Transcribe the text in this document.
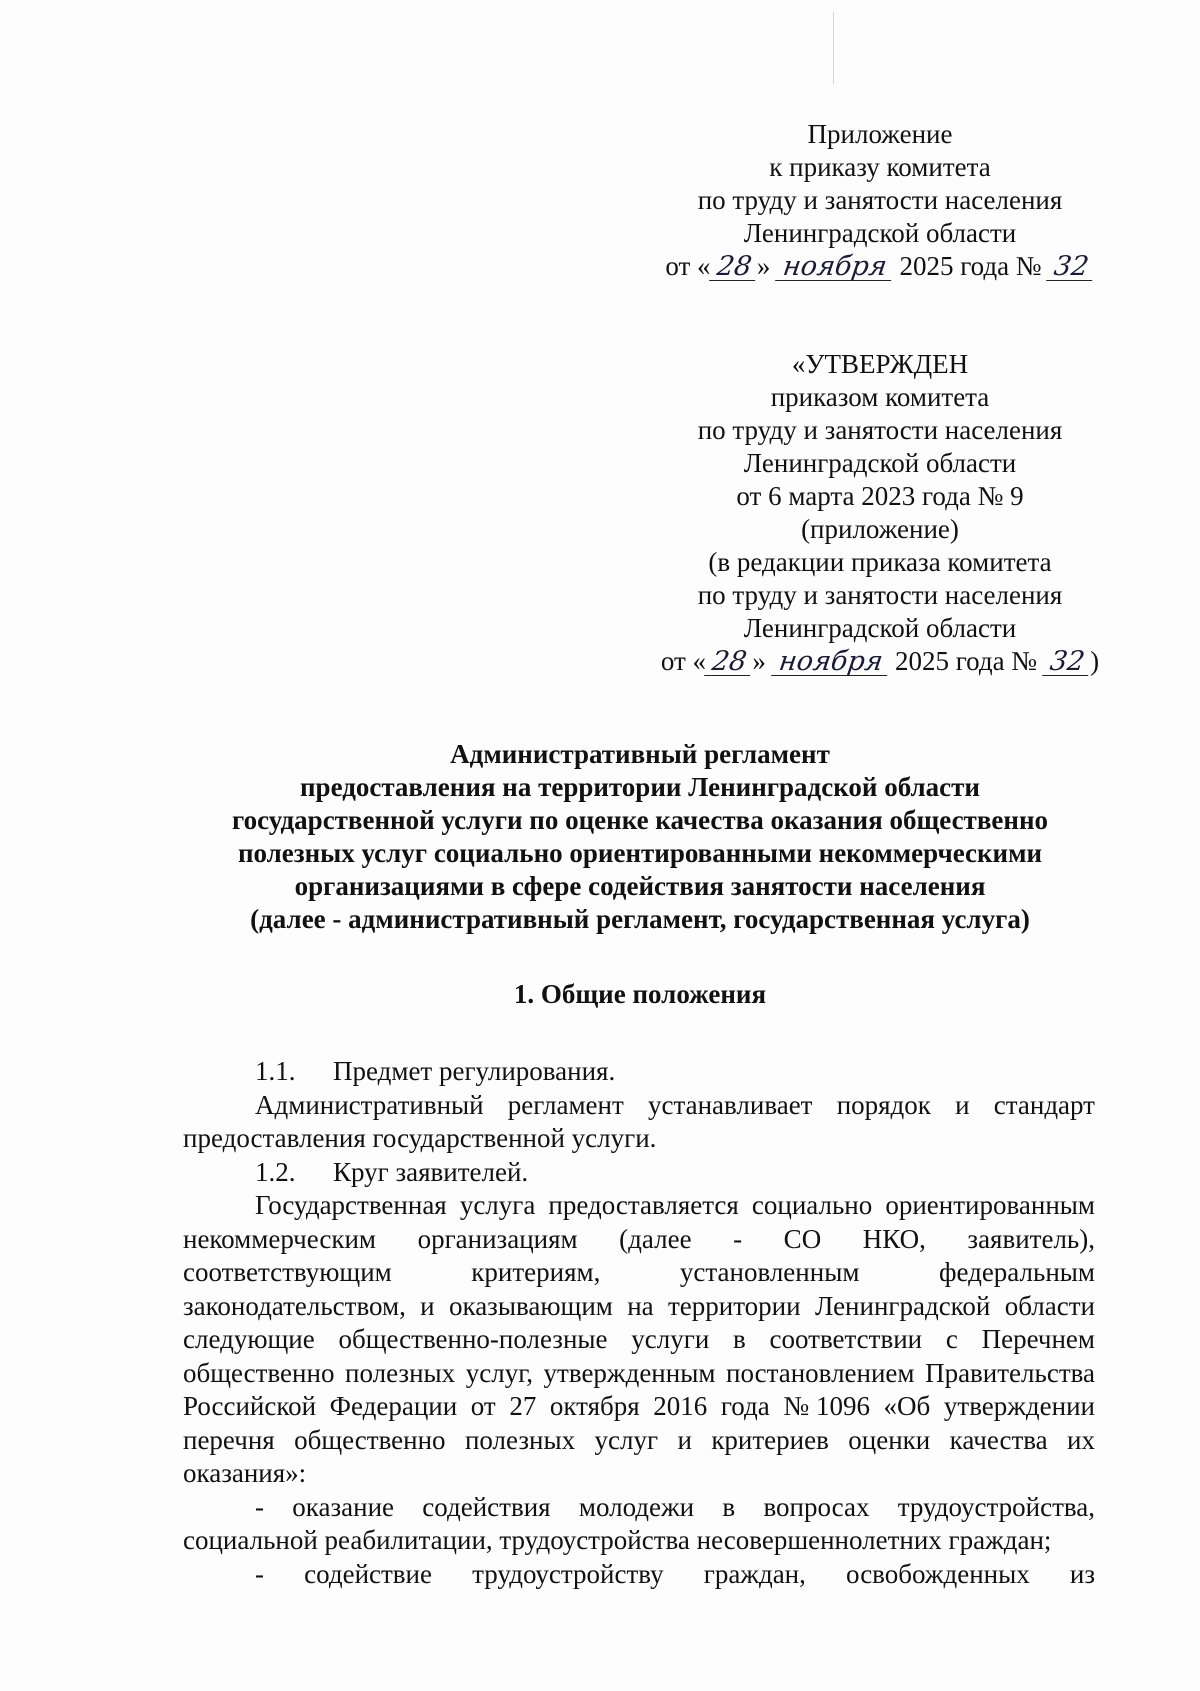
Приложение
к приказу комитета
по труду и занятости населения
Ленинградской области
от « 28 » ноября 2025 года № 32
«УТВЕРЖДЕН
приказом комитета
по труду и занятости населения
Ленинградской области
от 6 марта 2023 года № 9
(приложение)
(в редакции приказа комитета
по труду и занятости населения
Ленинградской области
от « 28 » ноября 2025 года № 32 )
Административный регламент
предоставления на территории Ленинградской области
государственной услуги по оценке качества оказания общественно
полезных услуг социально ориентированными некоммерческими
организациями в сфере содействия занятости населения
(далее - административный регламент, государственная услуга)
1. Общие положения

1.1. Предмет регулирования.

Административный регламент устанавливает порядок и стандарт предоставления государственной услуги.

1.2. Круг заявителей.

Государственная услуга предоставляется социально ориентированным некоммерческим организациям (далее - СО НКО, заявитель), соответствующим критериям, установленным федеральным законодательством, и оказывающим на территории Ленинградской области следующие общественно-полезные услуги в соответствии с Перечнем общественно полезных услуг, утвержденным постановлением Правительства Российской Федерации от 27 октября 2016 года №1096 «Об утверждении перечня общественно полезных услуг и критериев оценки качества их оказания»:

- оказание содействия молодежи в вопросах трудоустройства, социальной реабилитации, трудоустройства несовершеннолетних граждан;

- содействие трудоустройству граждан, освобожденных из
